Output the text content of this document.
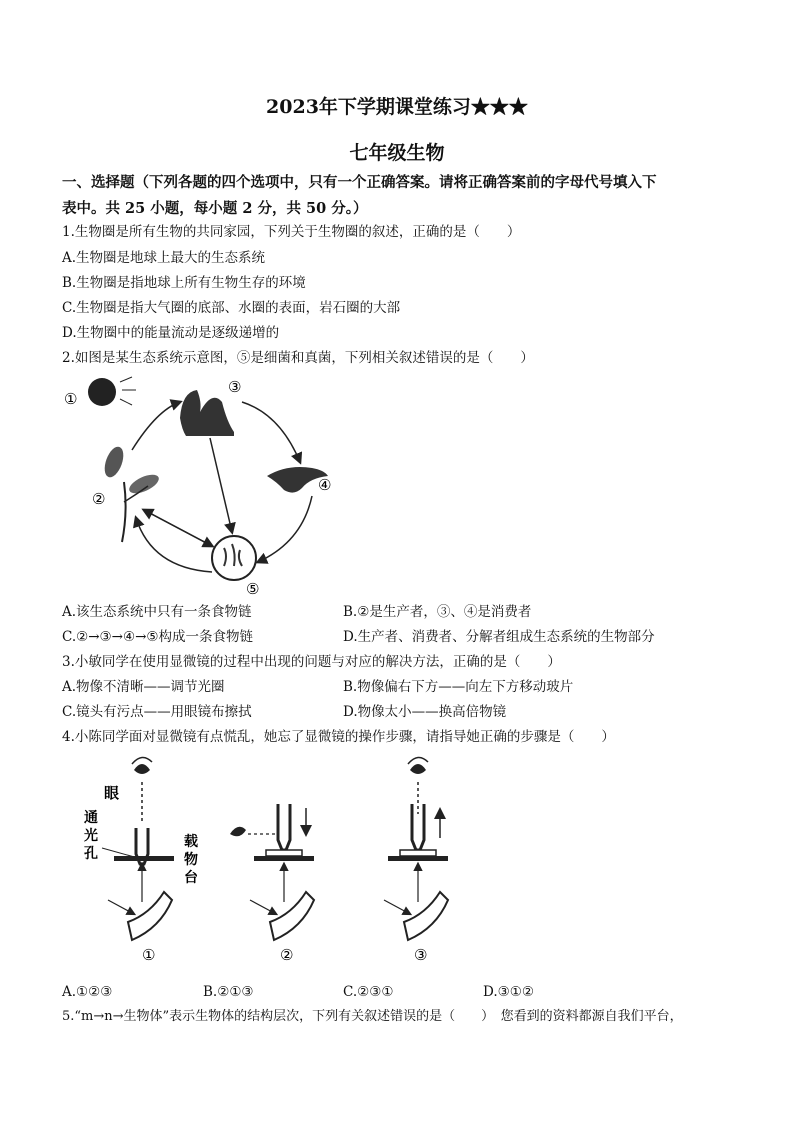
2023年下学期课堂练习★★★
七年级生物
一、选择题（下列各题的四个选项中，只有一个正确答案。请将正确答案前的字母代号填入下
表中。共 25 小题，每小题 2 分，共 50 分。）
1.生物圈是所有生物的共同家园，下列关于生物圈的叙述，正确的是（　　）
A.生物圈是地球上最大的生态系统
B.生物圈是指地球上所有生物生存的环境
C.生物圈是指大气圈的底部、水圈的表面，岩石圈的大部
D.生物圈中的能量流动是逐级递增的
2.如图是某生态系统示意图，⑤是细菌和真菌，下列相关叙述错误的是（　　）
①
②
③
④
⑤
A.该生态系统中只有一条食物链	B.②是生产者，③、④是消费者
C.②→③→④→⑤构成一条食物链	D.生产者、消费者、分解者组成生态系统的生物部分
3.小敏同学在使用显微镜的过程中出现的问题与对应的解决方法，正确的是（　　）
A.物像不清晰——调节光圈	B.物像偏右下方——向左下方移动玻片
C.镜头有污点——用眼镜布擦拭	D.物像太小——换高倍物镜
4.小陈同学面对显微镜有点慌乱，她忘了显微镜的操作步骤，请指导她正确的步骤是（　　）
眼
通
光
孔
①
载
物
台
②	③
A.①②③	B.②①③	C.②③①	D.③①②
5.“m→n→生物体”表示生物体的结构层次，下列有关叙述错误的是（　　）　您看到的资料都源自我们平台，
